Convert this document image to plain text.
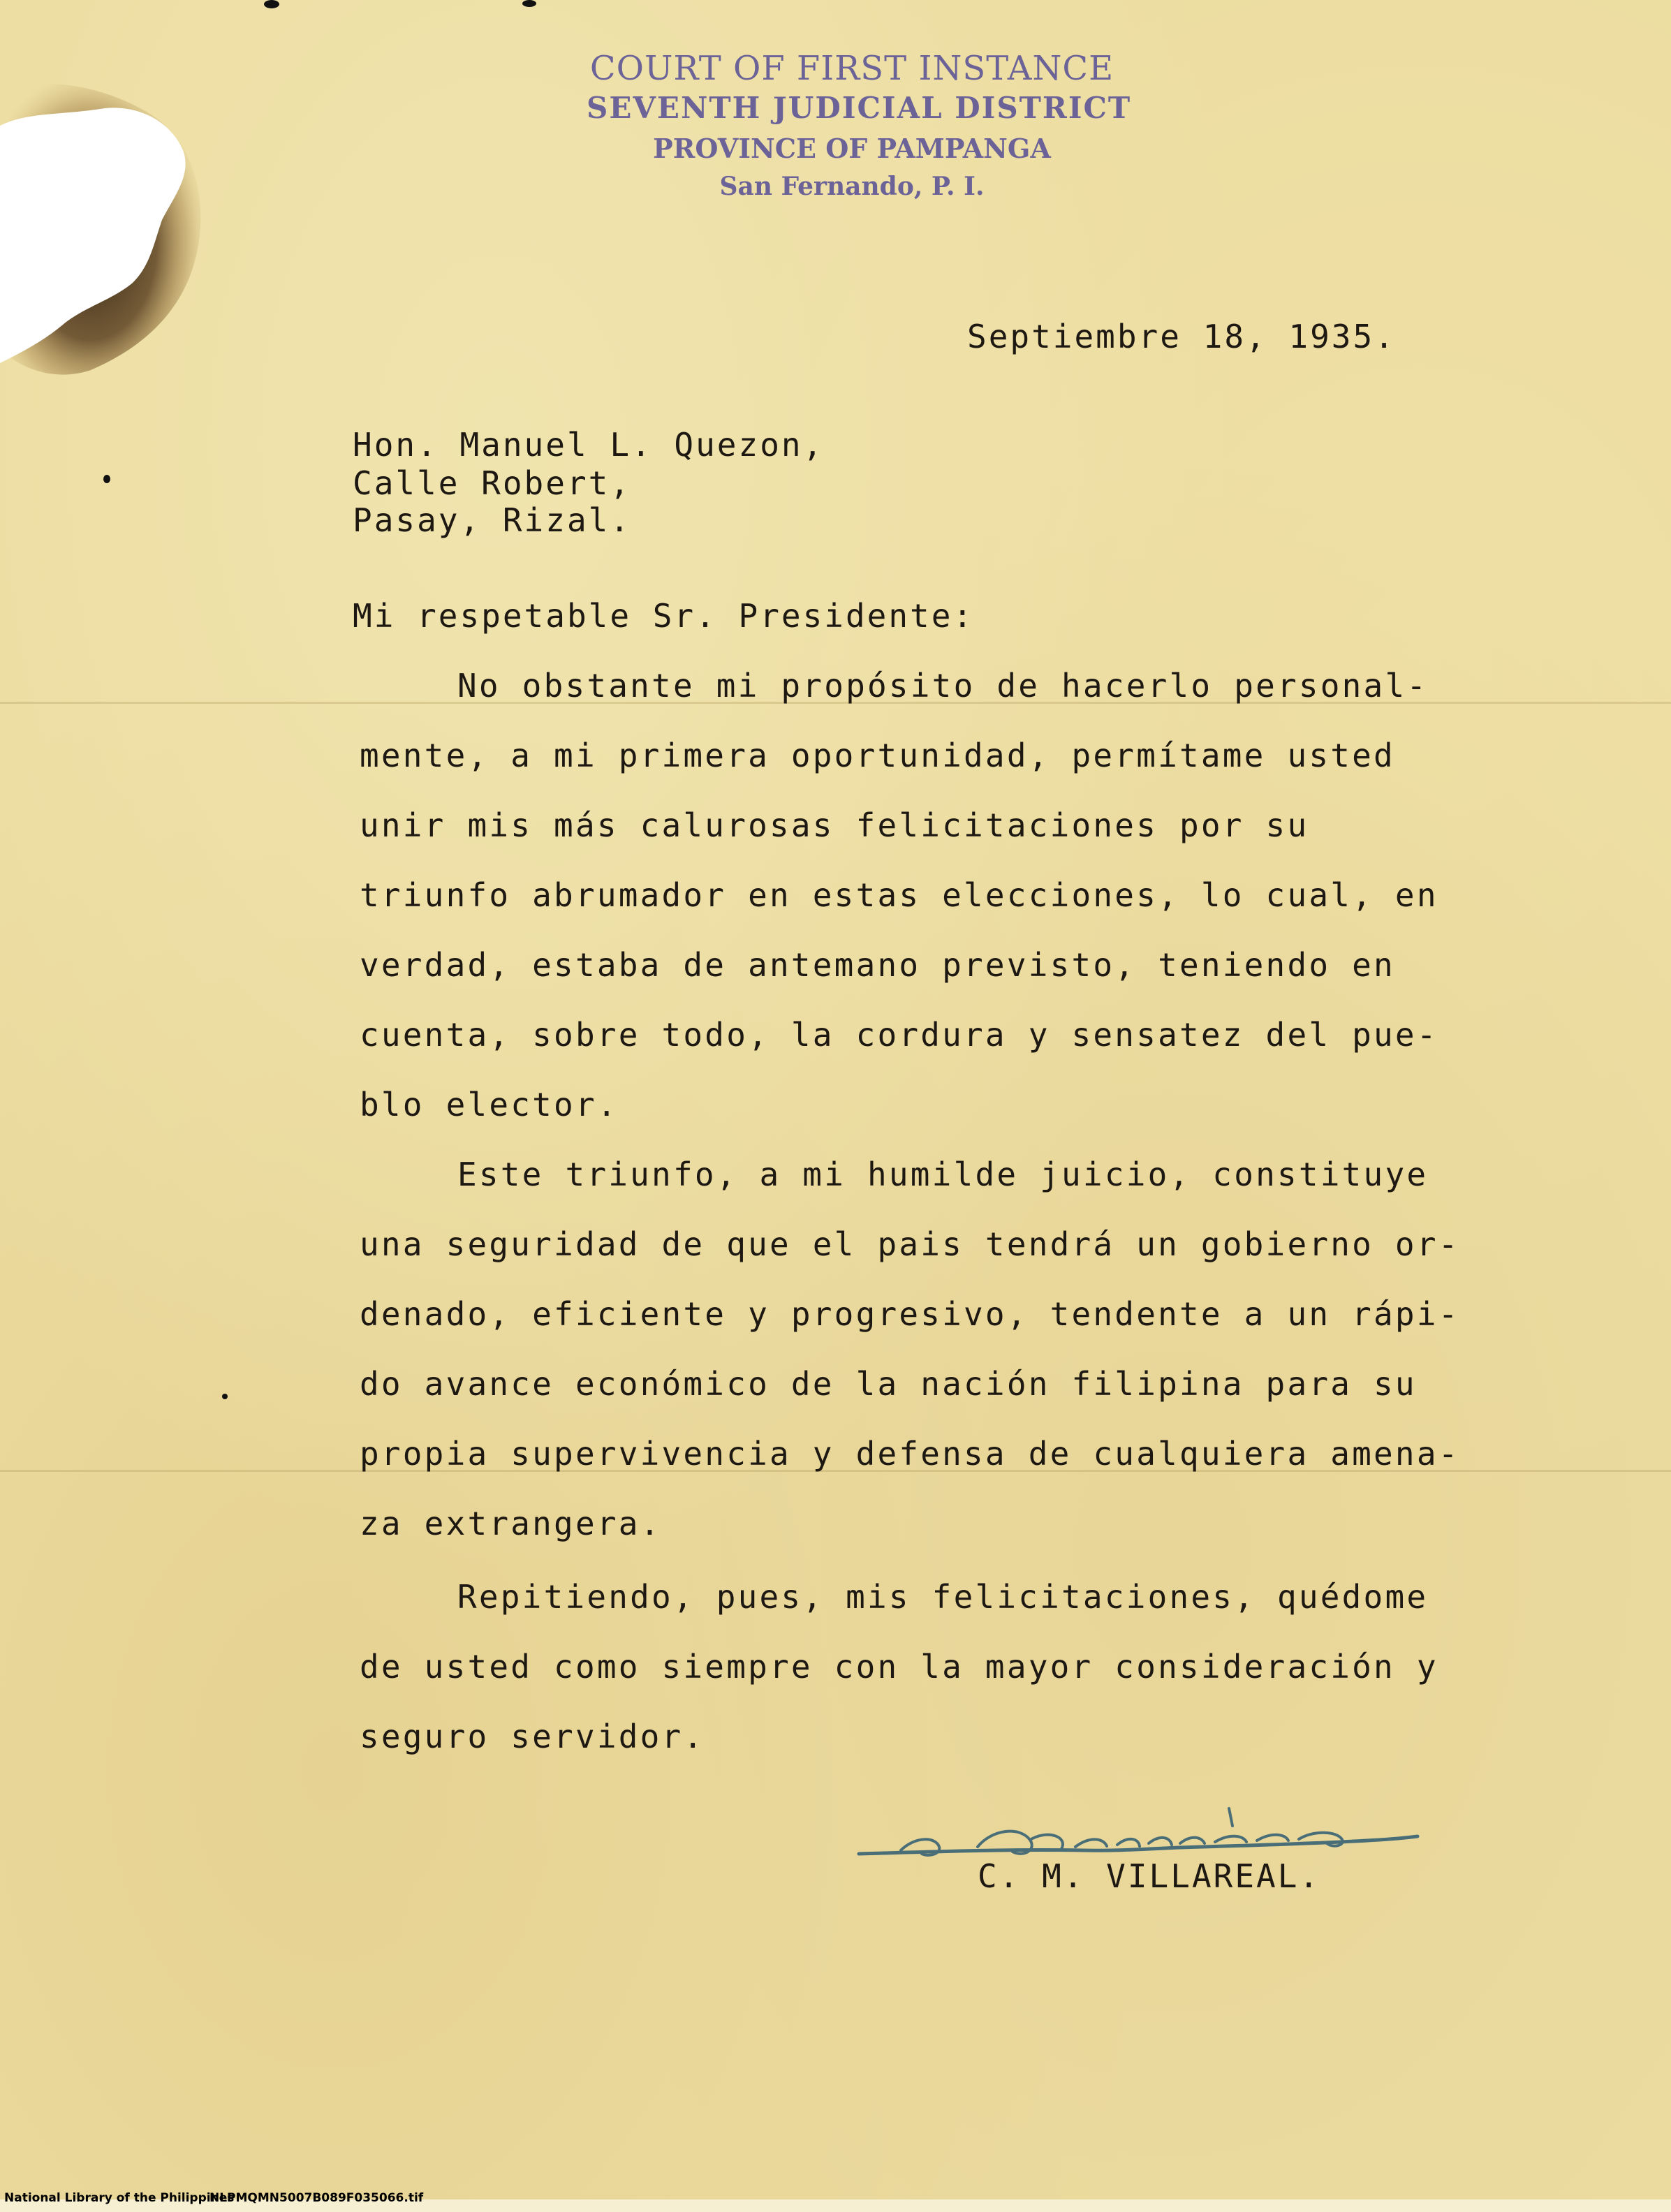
COURT OF FIRST INSTANCE
SEVENTH JUDICIAL DISTRICT
PROVINCE OF PAMPANGA
San Fernando, P. I.
Septiembre 18, 1935.
Hon. Manuel L. Quezon,
Calle Robert,
Pasay, Rizal.
Mi respetable Sr. Presidente:
No obstante mi propósito de hacerlo personal-
mente, a mi primera oportunidad, permítame usted
unir mis más calurosas felicitaciones por su
triunfo abrumador en estas elecciones, lo cual, en
verdad, estaba de antemano previsto, teniendo en
cuenta, sobre todo, la cordura y sensatez del pue-
blo elector.
Este triunfo, a mi humilde juicio, constituye
una seguridad de que el pais tendrá un gobierno or-
denado, eficiente y progresivo, tendente a un rápi-
do avance económico de la nación filipina para su
propia supervivencia y defensa de cualquiera amena-
za extrangera.
Repitiendo, pues, mis felicitaciones, quédome
de usted como siempre con la mayor consideración y
seguro servidor.
C. M. VILLAREAL.
National Library of the Philippines
NLPMQMN5007B089F035066.tif
